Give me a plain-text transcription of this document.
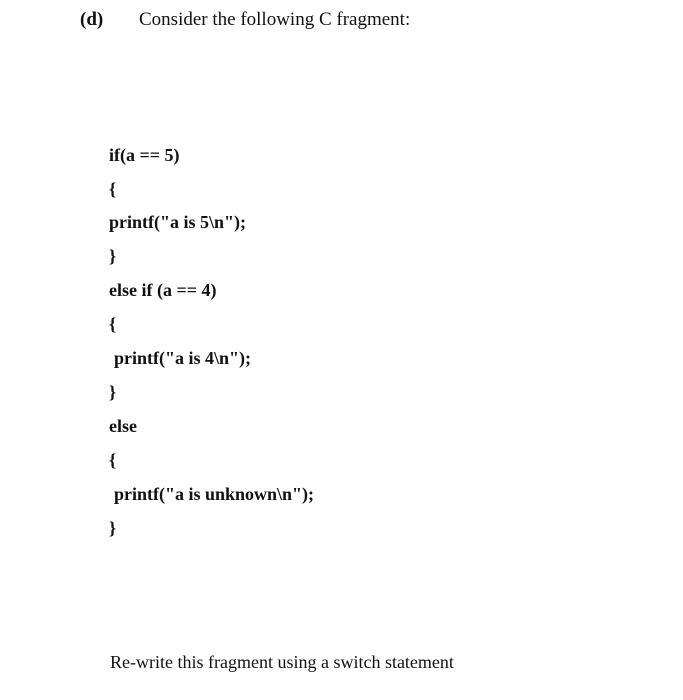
(d) Consider the following C fragment:
if(a == 5)
{
printf("a is 5\n");
}
else if (a == 4)
{
printf("a is 4\n");
}
else
{
printf("a is unknown\n");
}
Re-write this fragment using a switch statement
